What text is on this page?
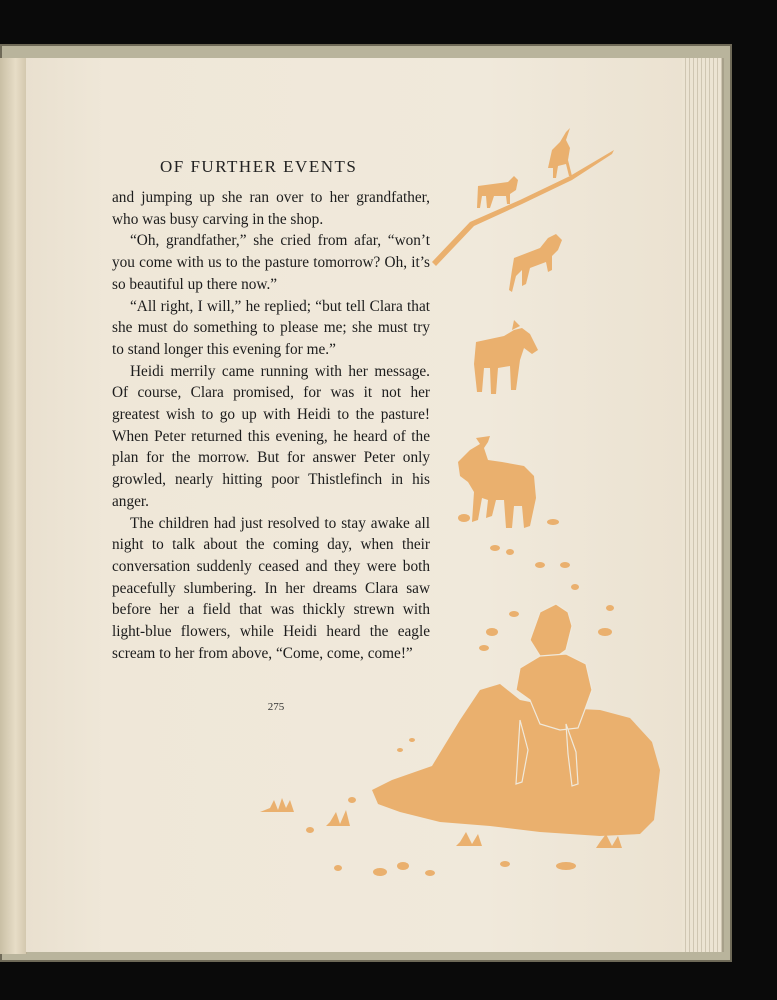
OF FURTHER EVENTS

and jumping up she ran over to her grandfather, who was busy carving in the shop.

“Oh, grandfather,” she cried from afar, “won’t you come with us to the pasture tomorrow? Oh, it’s so beautiful up there now.”

“All right, I will,” he replied; “but tell Clara that she must do something to please me; she must try to stand longer this evening for me.”

Heidi merrily came running with her message. Of course, Clara promised, for was it not her greatest wish to go up with Heidi to the pasture! When Peter returned this evening, he heard of the plan for the morrow. But for answer Peter only growled, nearly hitting poor Thistlefinch in his anger.

The children had just resolved to stay awake all night to talk about the coming day, when their conversation suddenly ceased and they were both peacefully slumbering. In her dreams Clara saw before her a field that was thickly strewn with light-blue flowers, while Heidi heard the eagle scream to her from above, “Come, come, come!”

275
